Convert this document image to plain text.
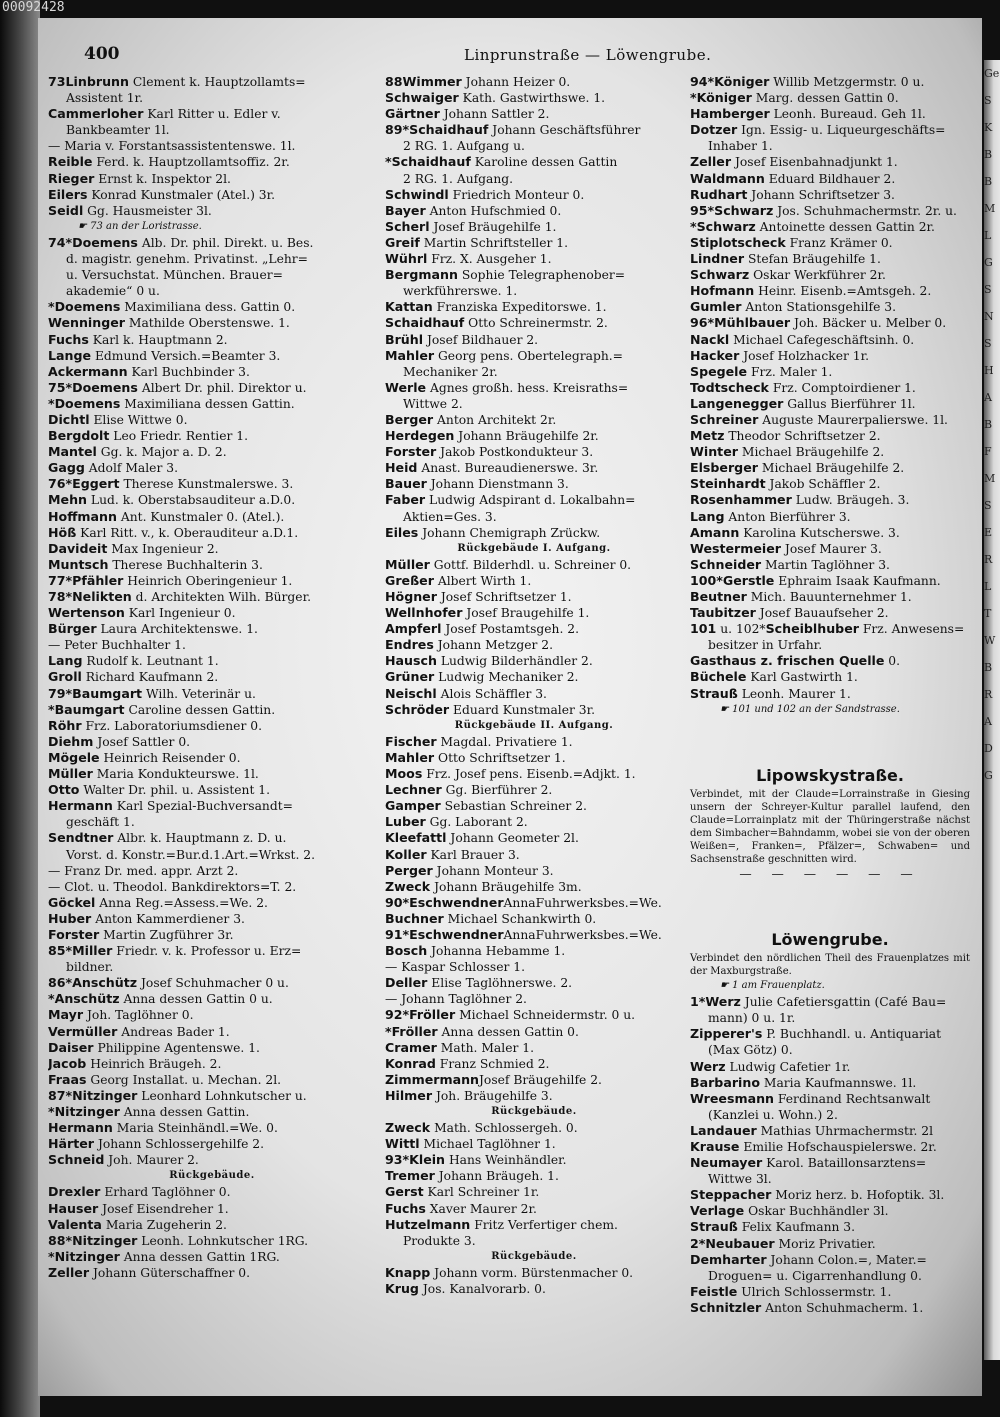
00092428
400	Linprunstraße — Löwengrube.
73Linbrunn Clement k. Hauptzollamts=
Assistent 1r.
Cammerloher Karl Ritter u. Edler v.
Bankbeamter 1l.
— Maria v. Forstantsassistentenswe. 1l.
Reible Ferd. k. Hauptzollamtsoffiz. 2r.
Rieger Ernst k. Inspektor 2l.
Eilers Konrad Kunstmaler (Atel.) 3r.
Seidl Gg. Hausmeister 3l.
☛ 73 an der Loristrasse.
74*Doemens Alb. Dr. phil. Direkt. u. Bes.
d. magistr. genehm. Privatinst. „Lehr=
u. Versuchstat. München. Brauer=
akademie“ 0 u.
*Doemens Maximiliana dess. Gattin 0.
Wenninger Mathilde Oberstenswe. 1.
Fuchs Karl k. Hauptmann 2.
Lange Edmund Versich.=Beamter 3.
Ackermann Karl Buchbinder 3.
75*Doemens Albert Dr. phil. Direktor u.
*Doemens Maximiliana dessen Gattin.
Dichtl Elise Wittwe 0.
Bergdolt Leo Friedr. Rentier 1.
Mantel Gg. k. Major a. D. 2.
Gagg Adolf Maler 3.
76*Eggert Therese Kunstmalerswe. 3.
Mehn Lud. k. Oberstabsauditeur a.D.0.
Hoffmann Ant. Kunstmaler 0. (Atel.).
Höß Karl Ritt. v., k. Oberauditeur a.D.1.
Davideit Max Ingenieur 2.
Muntsch Therese Buchhalterin 3.
77*Pfähler Heinrich Oberingenieur 1.
78*Nelikten d. Architekten Wilh. Bürger.
Wertenson Karl Ingenieur 0.
Bürger Laura Architektenswe. 1.
— Peter Buchhalter 1.
Lang Rudolf k. Leutnant 1.
Groll Richard Kaufmann 2.
79*Baumgart Wilh. Veterinär u.
*Baumgart Caroline dessen Gattin.
Röhr Frz. Laboratoriumsdiener 0.
Diehm Josef Sattler 0.
Mögele Heinrich Reisender 0.
Müller Maria Kondukteurswe. 1l.
Otto Walter Dr. phil. u. Assistent 1.
Hermann Karl Spezial-Buchversandt=
geschäft 1.
Sendtner Albr. k. Hauptmann z. D. u.
Vorst. d. Konstr.=Bur.d.1.Art.=Wrkst. 2.
— Franz Dr. med. appr. Arzt 2.
— Clot. u. Theodol. Bankdirektors=T. 2.
Göckel Anna Reg.=Assess.=We. 2.
Huber Anton Kammerdiener 3.
Forster Martin Zugführer 3r.
85*Miller Friedr. v. k. Professor u. Erz=
bildner.
86*Anschütz Josef Schuhmacher 0 u.
*Anschütz Anna dessen Gattin 0 u.
Mayr Joh. Taglöhner 0.
Vermüller Andreas Bader 1.
Daiser Philippine Agentenswe. 1.
Jacob Heinrich Bräugeh. 2.
Fraas Georg Installat. u. Mechan. 2l.
87*Nitzinger Leonhard Lohnkutscher u.
*Nitzinger Anna dessen Gattin.
Hermann Maria Steinhändl.=We. 0.
Härter Johann Schlossergehilfe 2.
Schneid Joh. Maurer 2.
Rückgebäude.
Drexler Erhard Taglöhner 0.
Hauser Josef Eisendreher 1.
Valenta Maria Zugeherin 2.
88*Nitzinger Leonh. Lohnkutscher 1RG.
*Nitzinger Anna dessen Gattin 1RG.
Zeller Johann Güterschaffner 0.
88Wimmer Johann Heizer 0.
Schwaiger Kath. Gastwirthswe. 1.
Gärtner Johann Sattler 2.
89*Schaidhauf Johann Geschäftsführer
2 RG. 1. Aufgang u.
*Schaidhauf Karoline dessen Gattin
2 RG. 1. Aufgang.
Schwindl Friedrich Monteur 0.
Bayer Anton Hufschmied 0.
Scherl Josef Bräugehilfe 1.
Greif Martin Schriftsteller 1.
Wührl Frz. X. Ausgeher 1.
Bergmann Sophie Telegraphenober=
werkführerswe. 1.
Kattan Franziska Expeditorswe. 1.
Schaidhauf Otto Schreinermstr. 2.
Brühl Josef Bildhauer 2.
Mahler Georg pens. Obertelegraph.=
Mechaniker 2r.
Werle Agnes großh. hess. Kreisraths=
Wittwe 2.
Berger Anton Architekt 2r.
Herdegen Johann Bräugehilfe 2r.
Forster Jakob Postkondukteur 3.
Heid Anast. Bureaudienerswe. 3r.
Bauer Johann Dienstmann 3.
Faber Ludwig Adspirant d. Lokalbahn=
Aktien=Ges. 3.
Eiles Johann Chemigraph Zrückw.
Rückgebäude I. Aufgang.
Müller Gottf. Bilderhdl. u. Schreiner 0.
Greßer Albert Wirth 1.
Högner Josef Schriftsetzer 1.
Wellnhofer Josef Braugehilfe 1.
Ampferl Josef Postamtsgeh. 2.
Endres Johann Metzger 2.
Hausch Ludwig Bilderhändler 2.
Grüner Ludwig Mechaniker 2.
Neischl Alois Schäffler 3.
Schröder Eduard Kunstmaler 3r.
Rückgebäude II. Aufgang.
Fischer Magdal. Privatiere 1.
Mahler Otto Schriftsetzer 1.
Moos Frz. Josef pens. Eisenb.=Adjkt. 1.
Lechner Gg. Bierführer 2.
Gamper Sebastian Schreiner 2.
Luber Gg. Laborant 2.
Kleefattl Johann Geometer 2l.
Koller Karl Brauer 3.
Perger Johann Monteur 3.
Zweck Johann Bräugehilfe 3m.
90*EschwendnerAnnaFuhrwerksbes.=We.
Buchner Michael Schankwirth 0.
91*EschwendnerAnnaFuhrwerksbes.=We.
Bosch Johanna Hebamme 1.
— Kaspar Schlosser 1.
Deller Elise Taglöhnerswe. 2.
— Johann Taglöhner 2.
92*Fröller Michael Schneidermstr. 0 u.
*Fröller Anna dessen Gattin 0.
Cramer Math. Maler 1.
Konrad Franz Schmied 2.
ZimmermannJosef Bräugehilfe 2.
Hilmer Joh. Bräugehilfe 3.
Rückgebäude.
Zweck Math. Schlossergeh. 0.
Wittl Michael Taglöhner 1.
93*Klein Hans Weinhändler.
Tremer Johann Bräugeh. 1.
Gerst Karl Schreiner 1r.
Fuchs Xaver Maurer 2r.
Hutzelmann Fritz Verfertiger chem.
Produkte 3.
Rückgebäude.
Knapp Johann vorm. Bürstenmacher 0.
Krug Jos. Kanalvorarb. 0.
94*Königer Willib Metzgermstr. 0 u.
*Königer Marg. dessen Gattin 0.
Hamberger Leonh. Bureaud. Geh 1l.
Dotzer Ign. Essig- u. Liqueurgeschäfts=
Inhaber 1.
Zeller Josef Eisenbahnadjunkt 1.
Waldmann Eduard Bildhauer 2.
Rudhart Johann Schriftsetzer 3.
95*Schwarz Jos. Schuhmachermstr. 2r. u.
*Schwarz Antoinette dessen Gattin 2r.
Stiplotscheck Franz Krämer 0.
Lindner Stefan Bräugehilfe 1.
Schwarz Oskar Werkführer 2r.
Hofmann Heinr. Eisenb.=Amtsgeh. 2.
Gumler Anton Stationsgehilfe 3.
96*Mühlbauer Joh. Bäcker u. Melber 0.
Nackl Michael Cafegeschäftsinh. 0.
Hacker Josef Holzhacker 1r.
Spegele Frz. Maler 1.
Todtscheck Frz. Comptoirdiener 1.
Langenegger Gallus Bierführer 1l.
Schreiner Auguste Maurerpalierswe. 1l.
Metz Theodor Schriftsetzer 2.
Winter Michael Bräugehilfe 2.
Elsberger Michael Bräugehilfe 2.
Steinhardt Jakob Schäffler 2.
Rosenhammer Ludw. Bräugeh. 3.
Lang Anton Bierführer 3.
Amann Karolina Kutscherswe. 3.
Westermeier Josef Maurer 3.
Schneider Martin Taglöhner 3.
100*Gerstle Ephraim Isaak Kaufmann.
Beutner Mich. Bauunternehmer 1.
Taubitzer Josef Bauaufseher 2.
101 u. 102*Scheiblhuber Frz. Anwesens=
besitzer in Urfahr.
Gasthaus z. frischen Quelle 0.
Büchele Karl Gastwirth 1.
Strauß Leonh. Maurer 1.
☛ 101 und 102 an der Sandstrasse.
Lipowskystraße.
Verbindet, mit der Claude=Lorrainstraße in Giesing unsern der Schreyer-Kultur parallel laufend, den Claude=Lorrainplatz mit der Thüringerstraße nächst dem Simbacher=Bahndamm, wobei sie von der oberen Weißen=, Franken=, Pfälzer=, Schwaben= und Sachsenstraße geschnitten wird.
— — — — — —
Löwengrube.
Verbindet den nördlichen Theil des Frauenplatzes mit der Maxburgstraße.
☛ 1 am Frauenplatz.
1*Werz Julie Cafetiersgattin (Café Bau=
mann) 0 u. 1r.
Zipperer's P. Buchhandl. u. Antiquariat
(Max Götz) 0.
Werz Ludwig Cafetier 1r.
Barbarino Maria Kaufmannswe. 1l.
Wreesmann Ferdinand Rechtsanwalt
(Kanzlei u. Wohn.) 2.
Landauer Mathias Uhrmachermstr. 2l
Krause Emilie Hofschauspielerswe. 2r.
Neumayer Karol. Bataillonsarztens=
Wittwe 3l.
Steppacher Moriz herz. b. Hofoptik. 3l.
Verlage Oskar Buchhändler 3l.
Strauß Felix Kaufmann 3.
2*Neubauer Moriz Privatier.
Demharter Johann Colon.=, Mater.=
Droguen= u. Cigarrenhandlung 0.
Feistle Ulrich Schlossermstr. 1.
Schnitzler Anton Schuhmacherm. 1.
Ge
S
K
B
B
M
L
G
S
N
S
H
A
B
F
M
S
E
R
L
T
W
B
R
A
D
G
